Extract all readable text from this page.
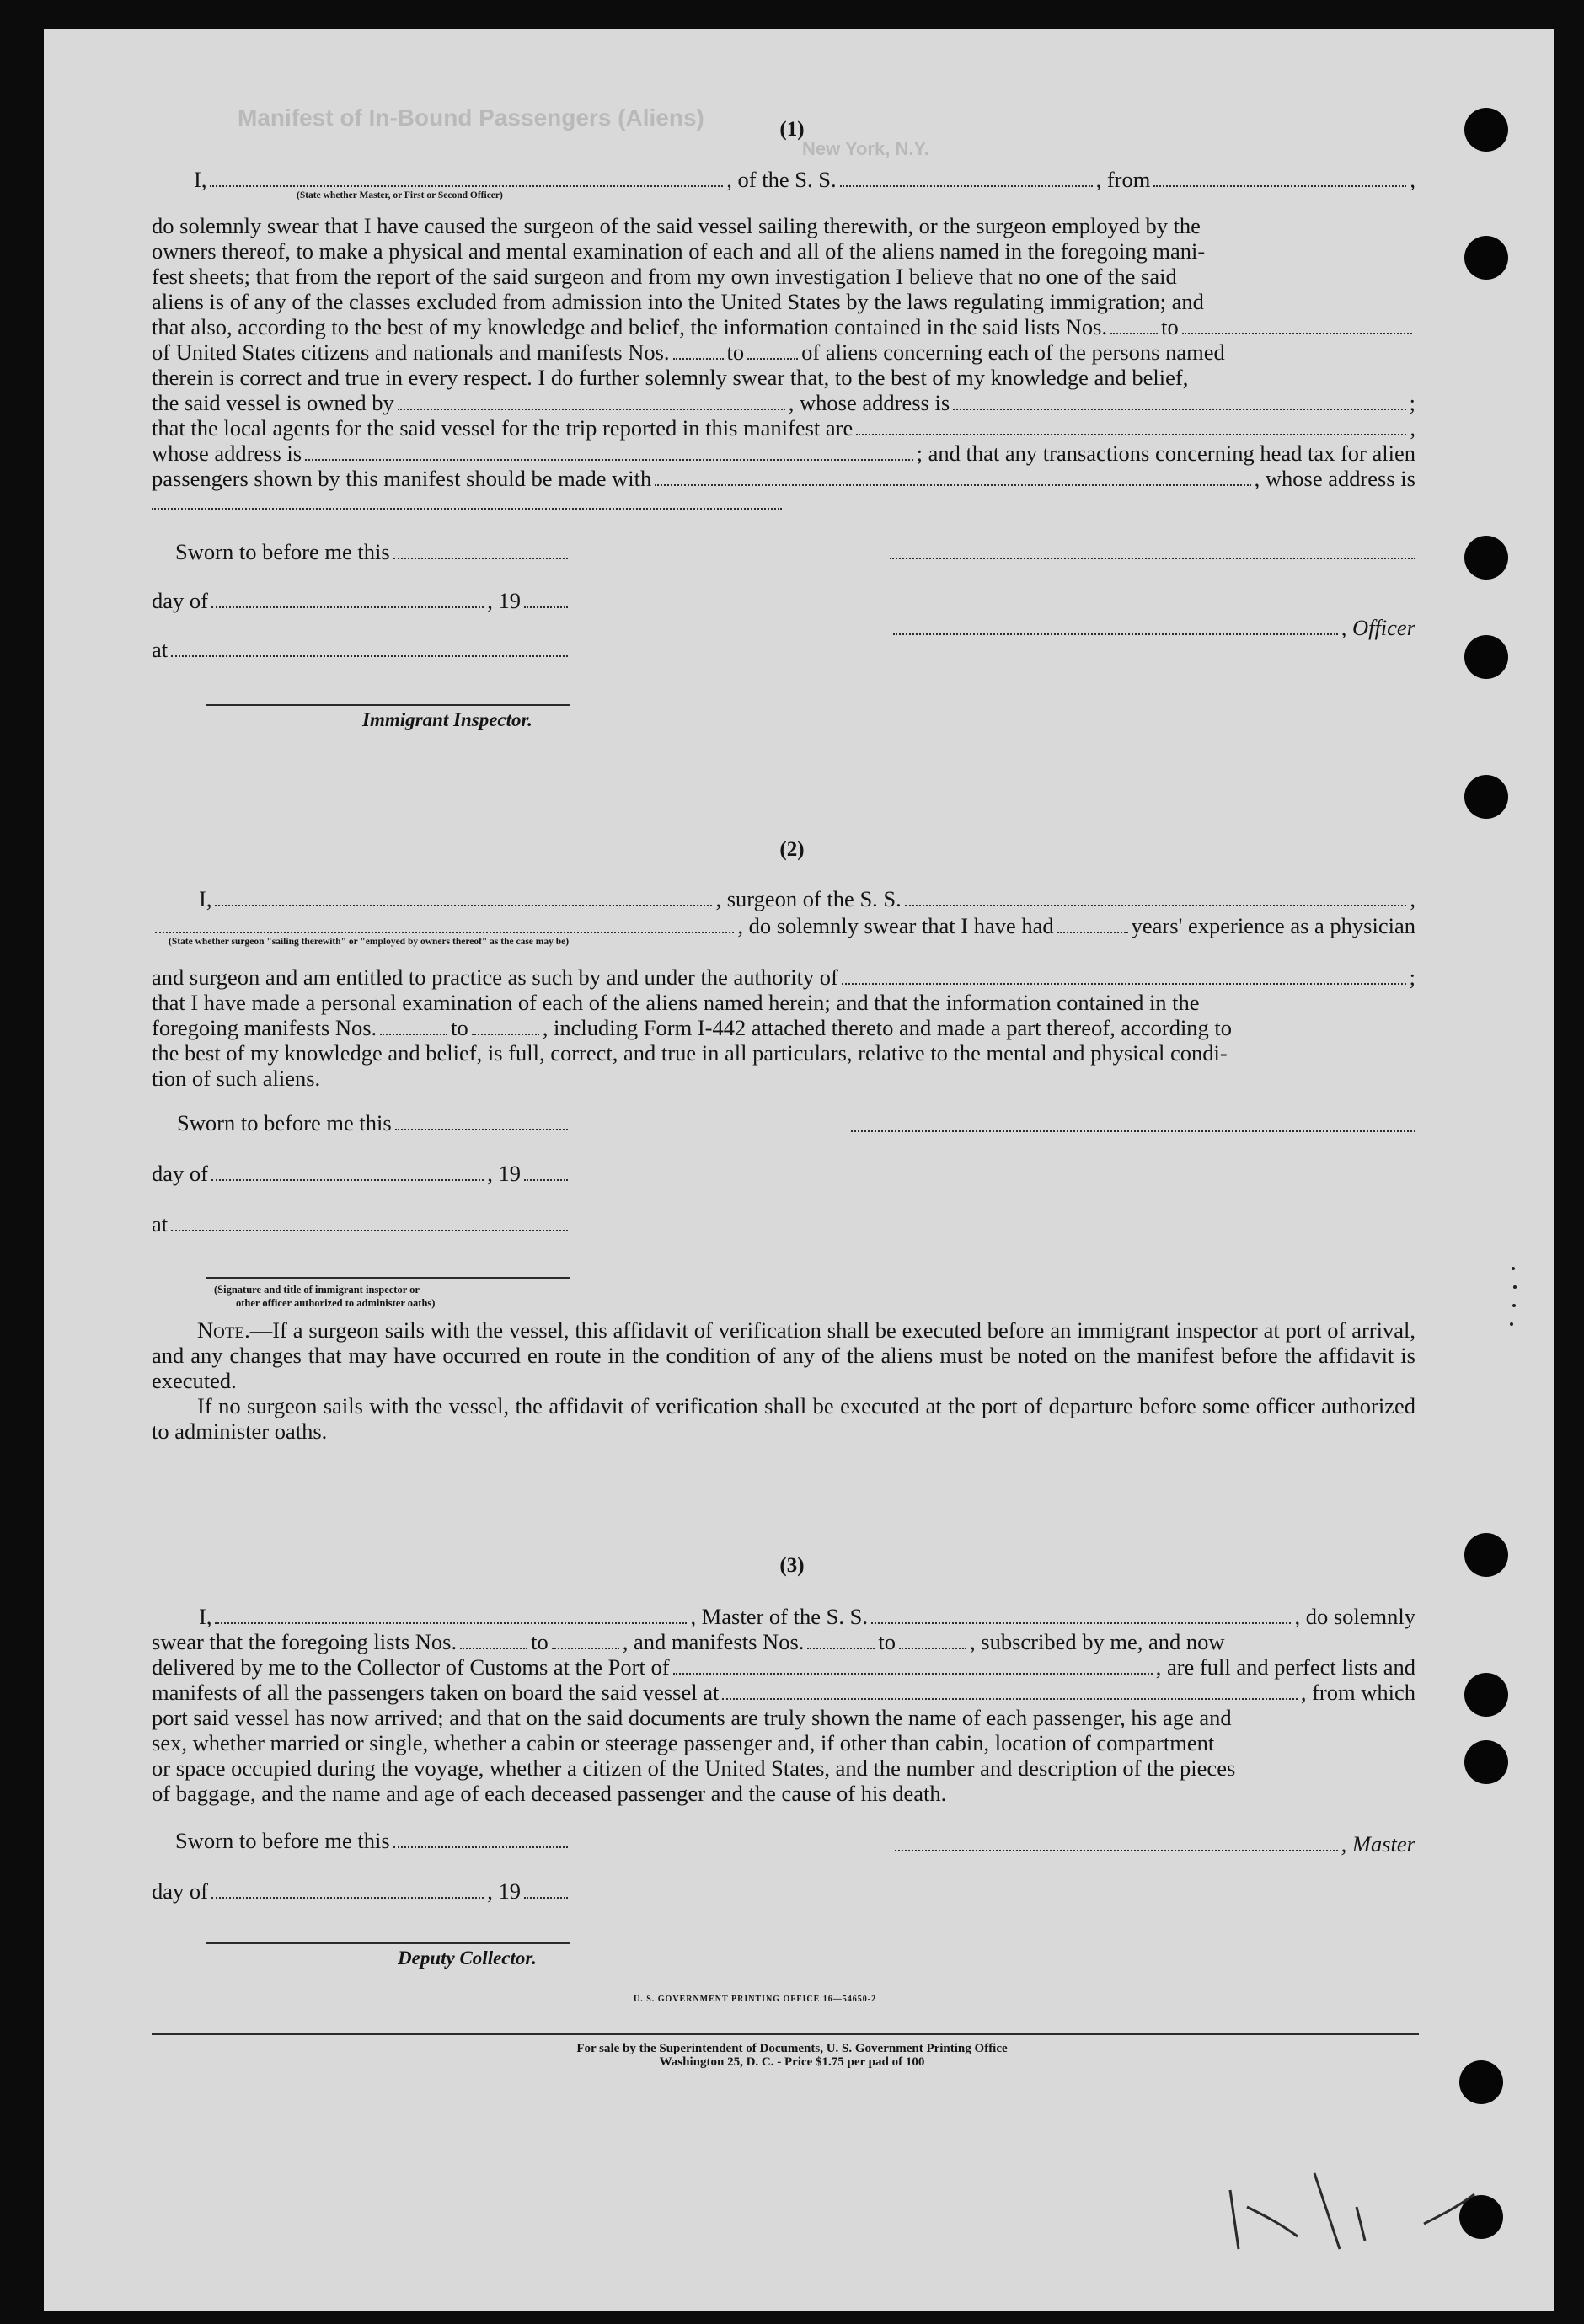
Manifest of In-Bound Passengers (Aliens)
New York, N.Y.
(1)
I,	, of the S. S.	, from	,
(State whether Master, or First or Second Officer)
do solemnly swear that I have caused the surgeon of the said vessel sailing therewith, or the surgeon employed by the
owners thereof, to make a physical and mental examination of each and all of the aliens named in the foregoing mani-
fest sheets; that from the report of the said surgeon and from my own investigation I believe that no one of the said
aliens is of any of the classes excluded from admission into the United States by the laws regulating immigration; and
that also, according to the best of my knowledge and belief, the information contained in the said lists Nos. to
of United States citizens and nationals and manifests Nos.	to	of aliens concerning each of the persons named
therein is correct and true in every respect. I do further solemnly swear that, to the best of my knowledge and belief,
the said vessel is owned by	, whose address is	;
that the local agents for the said vessel for the trip reported in this manifest are	,
whose address is	; and that any transactions concerning head tax for alien
passengers shown by this manifest should be made with	, whose address is
Sworn to before me this
day of	, 19
, Officer
at
Immigrant Inspector.
(2)
I,	, surgeon of the S. S.	,
, do solemnly swear that I have had	years' experience as a physician
(State whether surgeon "sailing therewith" or "employed by owners thereof" as the case may be)
and surgeon and am entitled to practice as such by and under the authority of	;
that I have made a personal examination of each of the aliens named herein; and that the information contained in the
foregoing manifests Nos.	to	, including Form I-442 attached thereto and made a part thereof, according to
the best of my knowledge and belief, is full, correct, and true in all particulars, relative to the mental and physical condi-
tion of such aliens.
Sworn to before me this
day of	, 19
at
(Signature and title of immigrant inspector or
other officer authorized to administer oaths)
Note.—If a surgeon sails with the vessel, this affidavit of verification shall be executed before an immigrant inspector at port of arrival, and any changes that may have occurred en route in the condition of any of the aliens must be noted on the manifest before the affidavit is executed.
If no surgeon sails with the vessel, the affidavit of verification shall be executed at the port of departure before some officer authorized to administer oaths.
(3)
I,	, Master of the S. S.	, do solemnly
swear that the foregoing lists Nos.	to	, and manifests Nos.	to	, subscribed by me, and now
delivered by me to the Collector of Customs at the Port of	, are full and perfect lists and
manifests of all the passengers taken on board the said vessel at	, from which
port said vessel has now arrived; and that on the said documents are truly shown the name of each passenger, his age and
sex, whether married or single, whether a cabin or steerage passenger and, if other than cabin, location of compartment
or space occupied during the voyage, whether a citizen of the United States, and the number and description of the pieces
of baggage, and the name and age of each deceased passenger and the cause of his death.
Sworn to before me this	, Master
day of	, 19
Deputy Collector.
U. S. GOVERNMENT PRINTING OFFICE 16—54650-2
For sale by the Superintendent of Documents, U. S. Government Printing Office
Washington 25, D. C. - Price $1.75 per pad of 100
